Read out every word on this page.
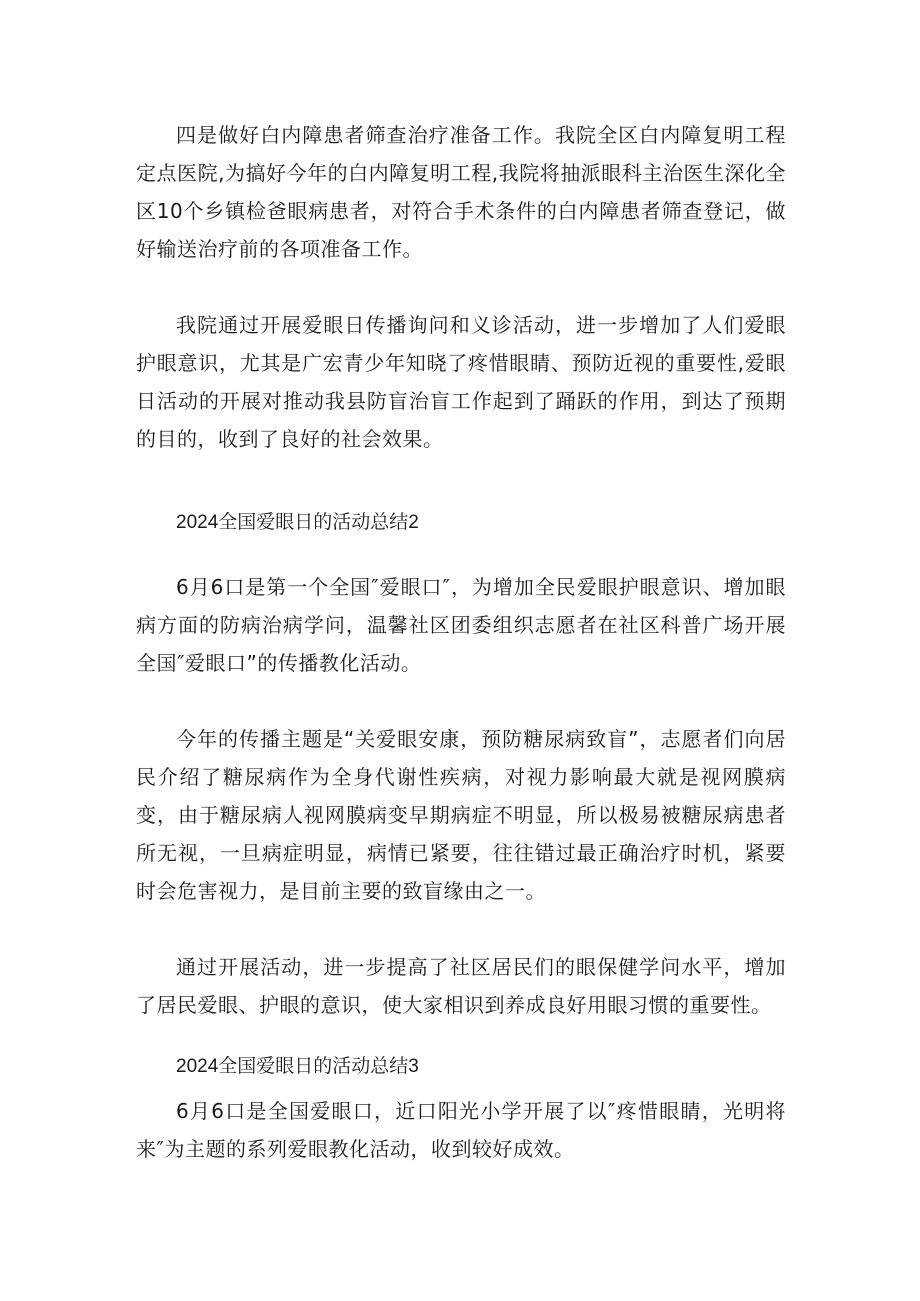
四是做好白内障患者筛查治疗准备工作。我院全区白内障复明工程定点医院,为搞好今年的白内障复明工程,我院将抽派眼科主治医生深化全区10个乡镇检爸眼病患者，对符合手术条件的白内障患者筛查登记，做好输送治疗前的各项准备工作。

我院通过开展爱眼日传播询问和义诊活动，进一步增加了人们爱眼护眼意识，尤其是广宏青少年知晓了疼惜眼睛、预防近视的重要性,爱眼日活动的开展对推动我县防盲治盲工作起到了踊跃的作用，到达了预期的目的，收到了良好的社会效果。

2024全国爱眼日的活动总结2

6月6口是第一个全国″爱眼口″，为增加全民爱眼护眼意识、增加眼病方面的防病治病学问，温馨社区团委组织志愿者在社区科普广场开展全国″爱眼口”的传播教化活动。

今年的传播主题是“关爱眼安康，预防糖尿病致盲”，志愿者们向居民介绍了糖尿病作为全身代谢性疾病，对视力影响最大就是视网膜病变，由于糖尿病人视网膜病变早期病症不明显，所以极易被糖尿病患者所无视，一旦病症明显，病情已紧要，往往错过最正确治疗时机，紧要时会危害视力，是目前主要的致盲缘由之一。

通过开展活动，进一步提高了社区居民们的眼保健学问水平，增加了居民爱眼、护眼的意识，使大家相识到养成良好用眼习惯的重要性。

2024全国爱眼日的活动总结3

6月6口是全国爱眼口，近口阳光小学开展了以″疼惜眼睛，光明将来″为主题的系列爱眼教化活动，收到较好成效。
